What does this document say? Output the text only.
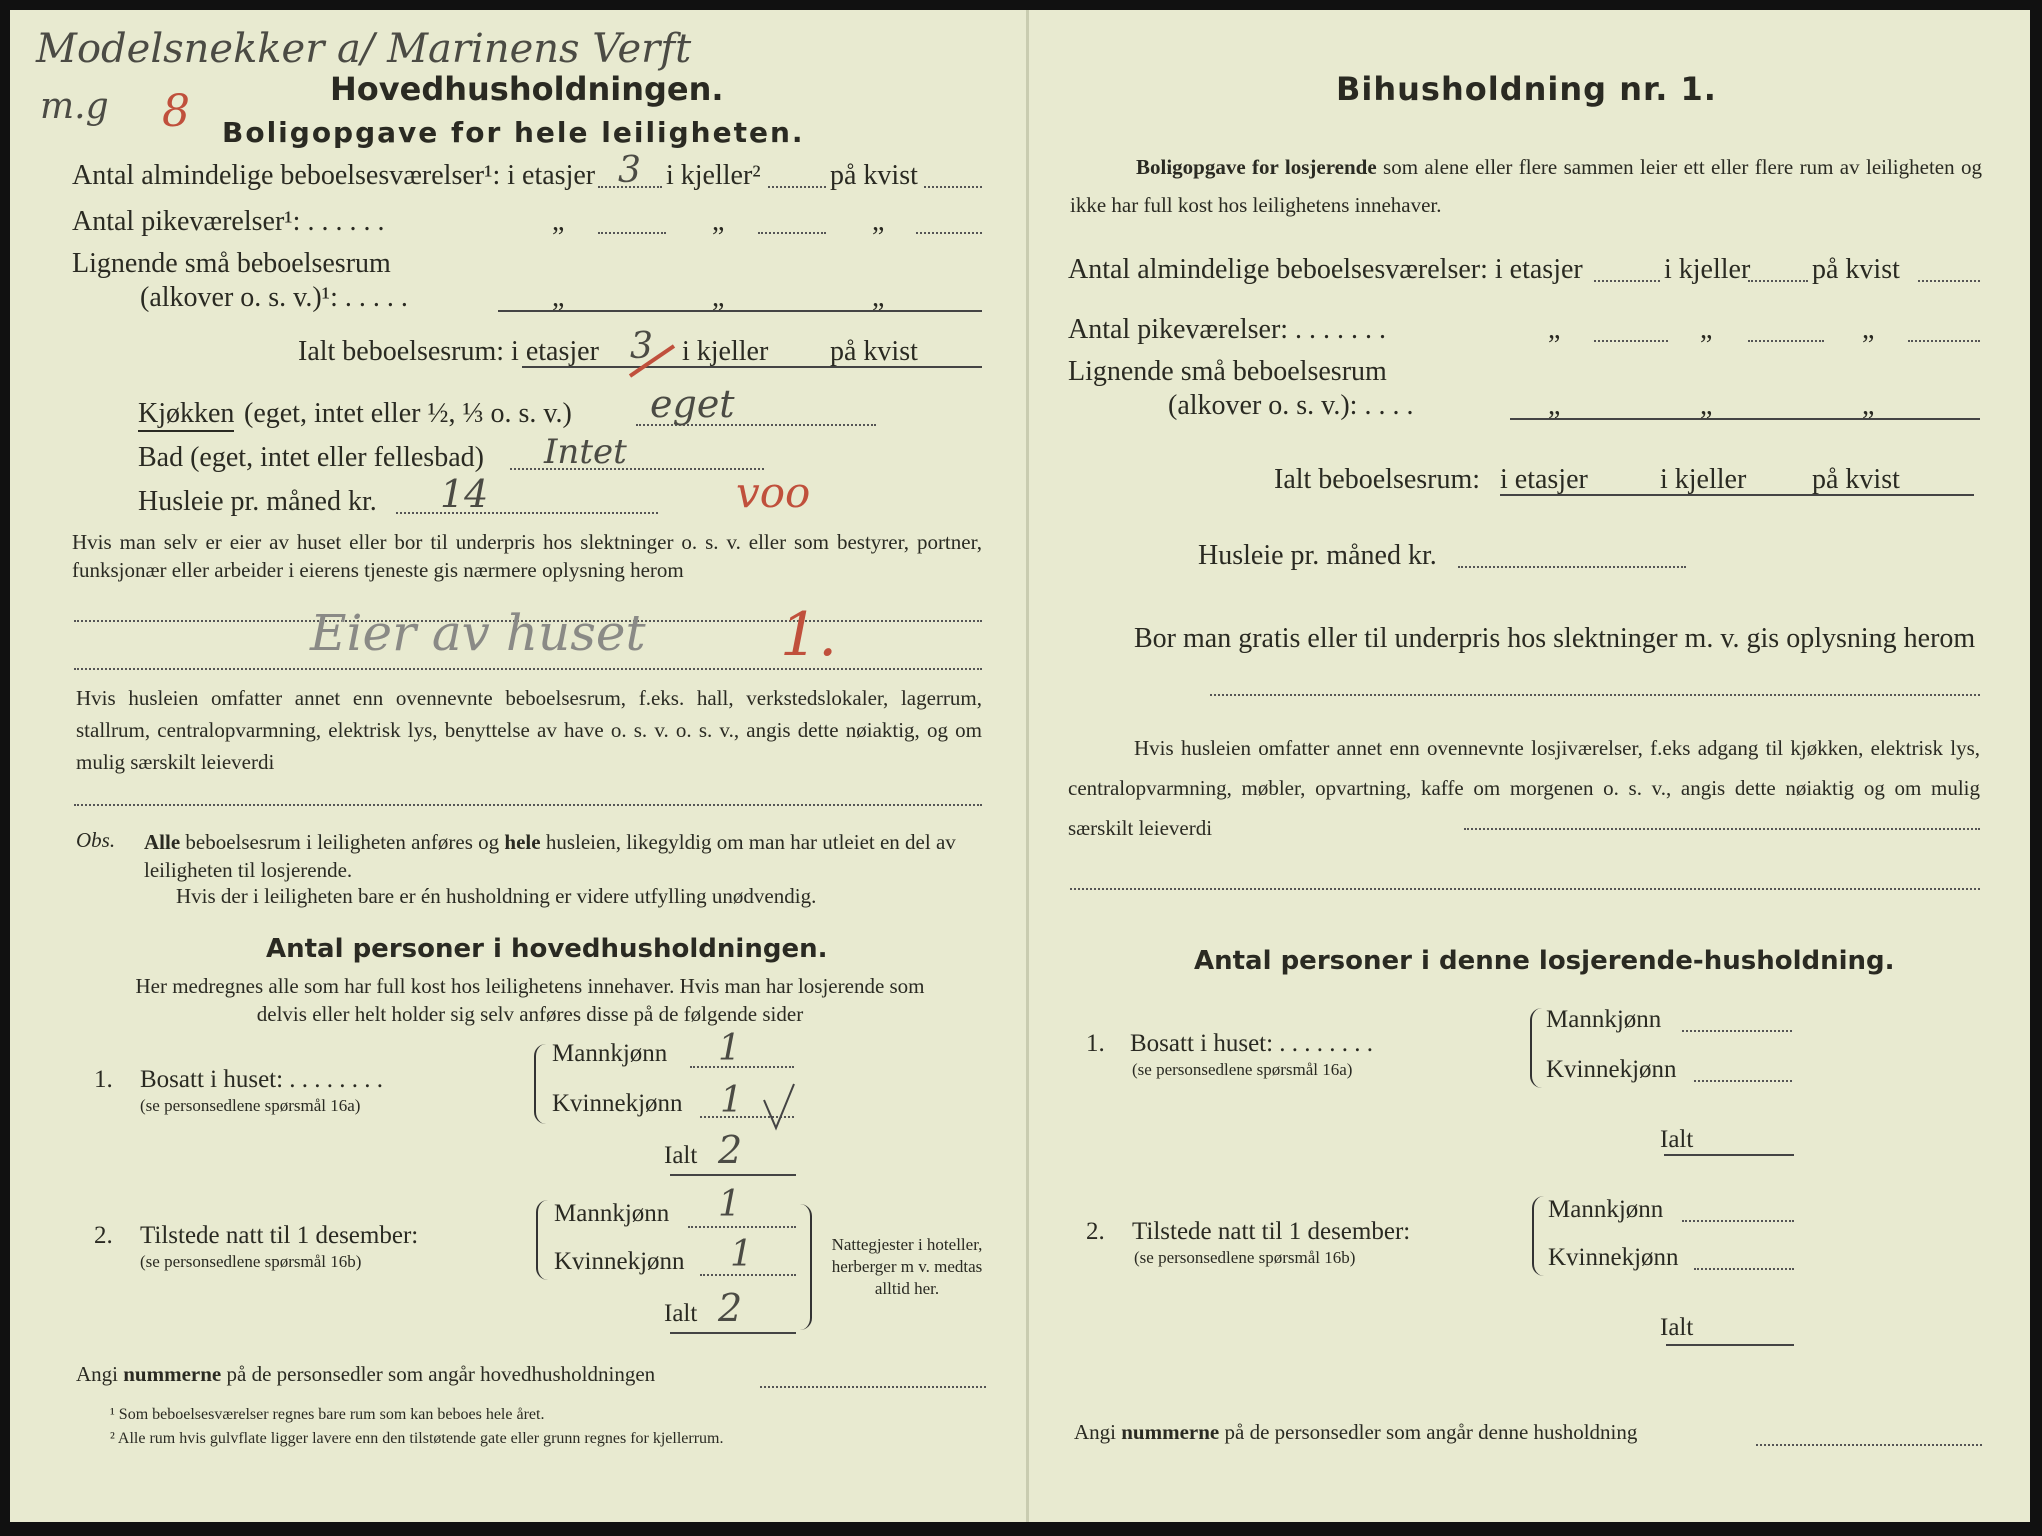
Modelsnekker a/ Marinens Verft
m.g 8	Hovedhusholdningen.
Boligopgave for hele leiligheten.
Antal almindelige beboelsesværelser¹: i etasjer 3 i kjeller² på kvist
Antal pikeværelser¹: . . . . . .	„	„	„
Lignende små beboelsesrum
(alkover o. s. v.)¹: . . . . .	„	„	„
Ialt beboelsesrum: i etasjer 3 i kjeller på kvist
Kjøkken (eget, intet eller ½, ⅓ o. s. v.) eget
Bad (eget, intet eller fellesbad) Intet
Husleie pr. måned kr. 14	voo
Hvis man selv er eier av huset eller bor til underpris hos slektninger o. s. v. eller som bestyrer, portner, funksjonær eller arbeider i eierens tjeneste gis nærmere oplysning herom
Eier av huset 1.
Hvis husleien omfatter annet enn ovennevnte beboelsesrum, f.eks. hall, verkstedslokaler, lagerrum, stallrum, centralopvarmning, elektrisk lys, benyttelse av have o. s. v. o. s. v., angis dette nøiaktig, og om mulig særskilt leieverdi
Obs. Alle beboelsesrum i leiligheten anføres og hele husleien, likegyldig om man har utleiet en del av leiligheten til losjerende.
Hvis der i leiligheten bare er én husholdning er videre utfylling unødvendig.
Antal personer i hovedhusholdningen.
Her medregnes alle som har full kost hos leilighetens innehaver. Hvis man har losjerende som delvis eller helt holder sig selv anføres disse på de følgende sider
1. Bosatt i huset: . . . . . . . .
(se personsedlene spørsmål 16a)
Mannkjønn 1
Kvinnekjønn 1
Ialt 2
2. Tilstede natt til 1 desember:
(se personsedlene spørsmål 16b)
Mannkjønn 1
Kvinnekjønn 1
Ialt 2
Nattegjester i hoteller, herberger m v. medtas alltid her.
Angi nummerne på de personsedler som angår hovedhusholdningen
¹ Som beboelsesværelser regnes bare rum som kan beboes hele året.
² Alle rum hvis gulvflate ligger lavere enn den tilstøtende gate eller grunn regnes for kjellerrum.
Bihusholdning nr. 1.
Boligopgave for losjerende som alene eller flere sammen leier ett eller flere rum av leiligheten og ikke har full kost hos leilighetens innehaver.
Antal almindelige beboelsesværelser: i etasjer	i kjeller på kvist
Antal pikeværelser: . . . . . . .	„	„	„
Lignende små beboelsesrum
(alkover o. s. v.): . . . .	„	„	„
Ialt beboelsesrum: i etasjer	i kjeller på kvist
Husleie pr. måned kr.
Bor man gratis eller til underpris hos slektninger m. v. gis oplysning herom
Hvis husleien omfatter annet enn ovennevnte losjiværelser, f.eks adgang til kjøkken, elektrisk lys, centralopvarmning, møbler, opvartning, kaffe om morgenen o. s. v., angis dette nøiaktig og om mulig særskilt leieverdi
Antal personer i denne losjerende-husholdning.
1. Bosatt i huset: . . . . . . . .
(se personsedlene spørsmål 16a)
Mannkjønn
Kvinnekjønn
Ialt
2. Tilstede natt til 1 desember:
(se personsedlene spørsmål 16b)
Mannkjønn
Kvinnekjønn
Ialt
Angi nummerne på de personsedler som angår denne husholdning
